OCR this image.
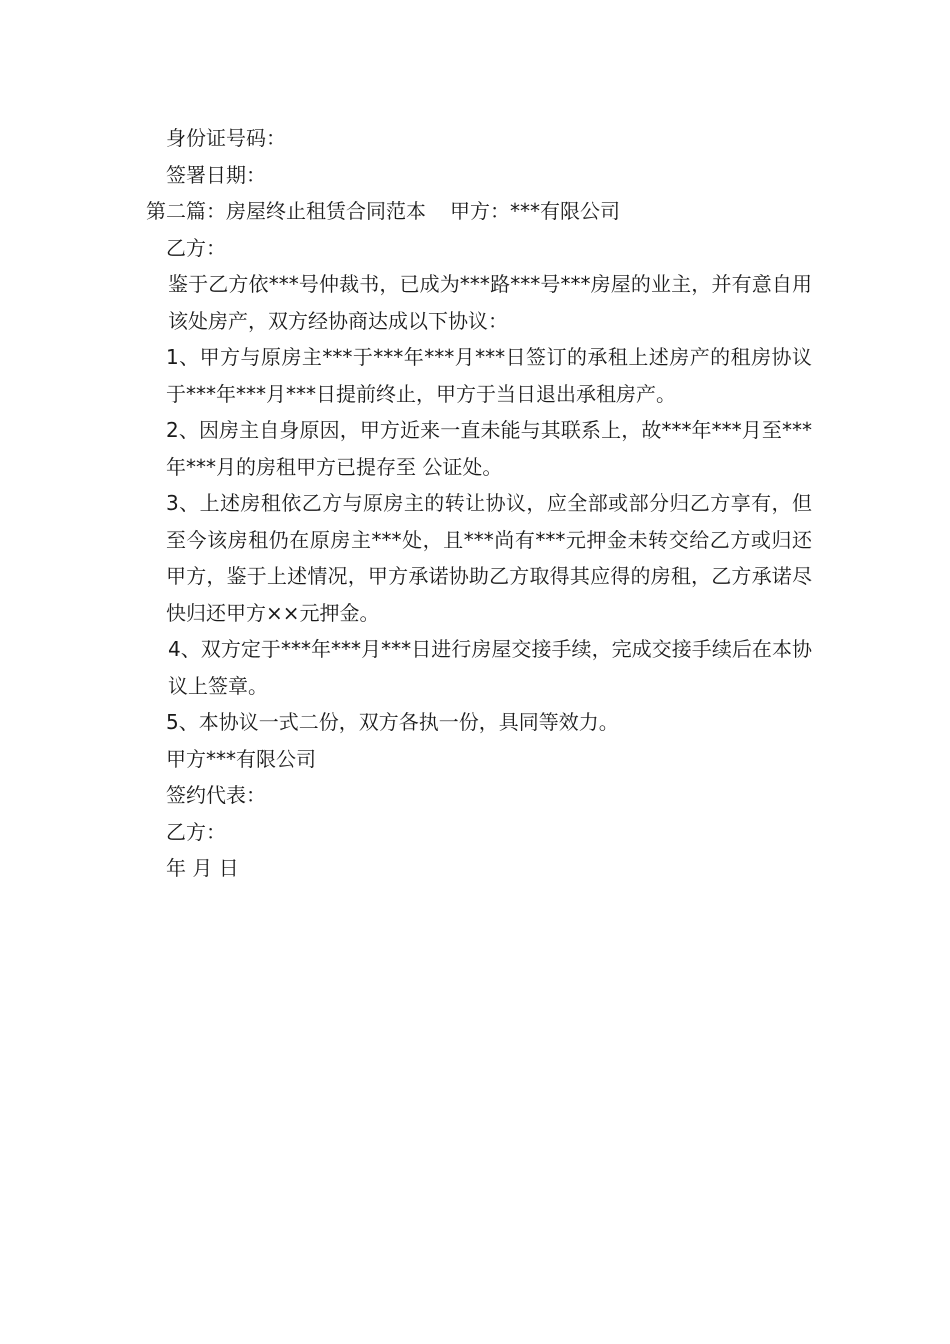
身份证号码：

签署日期：

第二篇：房屋终止租赁合同范本 甲方：***有限公司

乙方：

鉴于乙方依***号仲裁书，已成为***路***号***房屋的业主，并有意自用该处房产，双方经协商达成以下协议：

1、甲方与原房主***于***年***月***日签订的承租上述房产的租房协议于***年***月***日提前终止，甲方于当日退出承租房产。

2、因房主自身原因，甲方近来一直未能与其联系上，故***年***月至***年***月的房租甲方已提存至 公证处。

3、上述房租依乙方与原房主的转让协议，应全部或部分归乙方享有，但至今该房租仍在原房主***处，且***尚有***元押金未转交给乙方或归还甲方，鉴于上述情况，甲方承诺协助乙方取得其应得的房租，乙方承诺尽快归还甲方××元押金。

4、双方定于***年***月***日进行房屋交接手续，完成交接手续后在本协议上签章。

5、本协议一式二份，双方各执一份，具同等效力。

甲方***有限公司

签约代表：

乙方：

年 月 日
